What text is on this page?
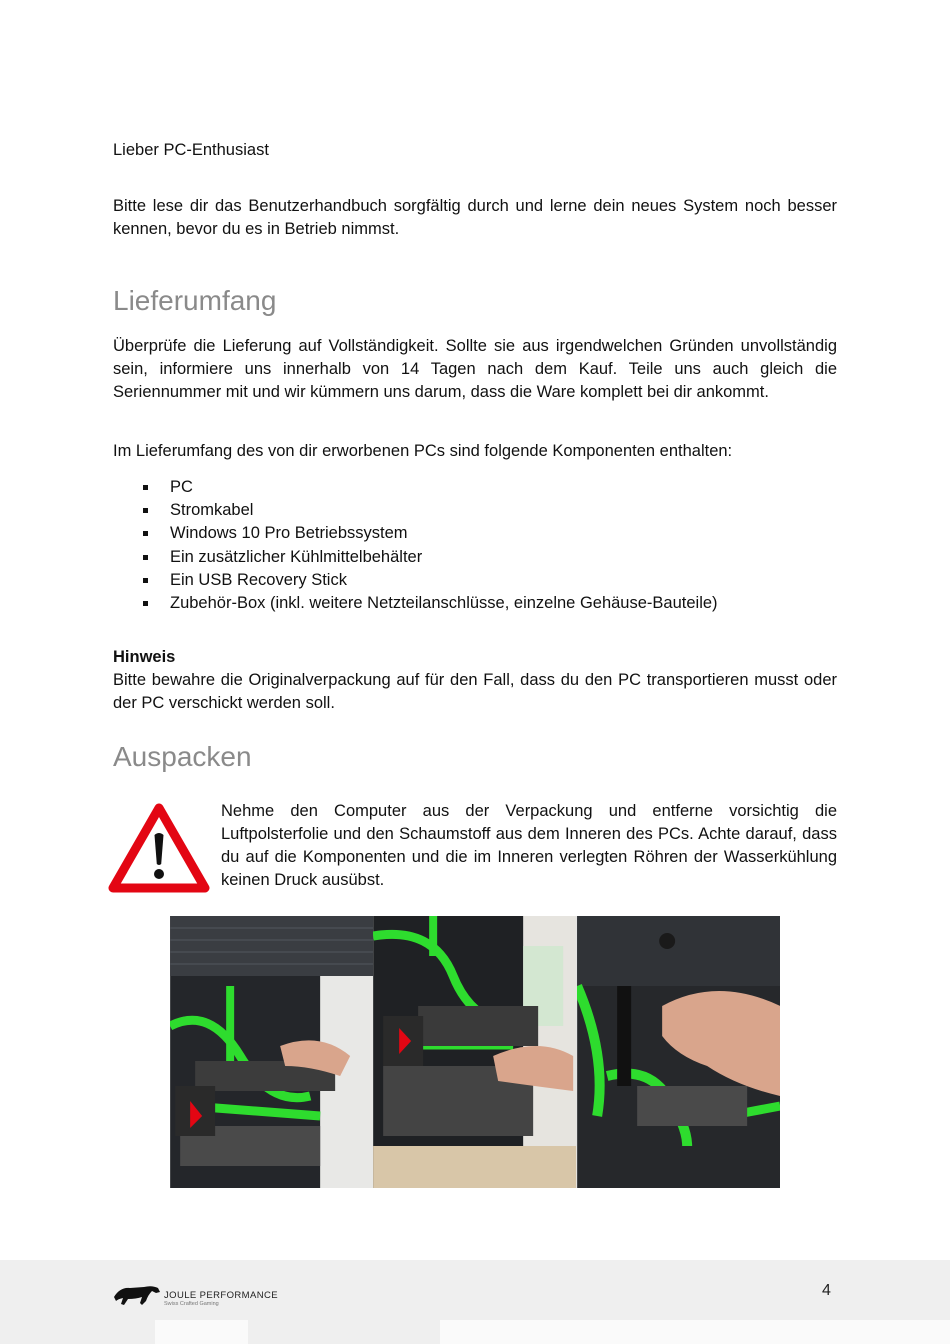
Lieber PC-Enthusiast

Bitte lese dir das Benutzerhandbuch sorgfältig durch und lerne dein neues System noch besser kennen, bevor du es in Betrieb nimmst.

Lieferumfang

Überprüfe die Lieferung auf Vollständigkeit. Sollte sie aus irgendwelchen Gründen unvollständig sein, informiere uns innerhalb von 14 Tagen nach dem Kauf. Teile uns auch gleich die Seriennummer mit und wir kümmern uns darum, dass die Ware komplett bei dir ankommt.

Im Lieferumfang des von dir erworbenen PCs sind folgende Komponenten enthalten:

PC
Stromkabel
Windows 10 Pro Betriebssystem
Ein zusätzlicher Kühlmittelbehälter
Ein USB Recovery Stick
Zubehör-Box (inkl. weitere Netzteilanschlüsse, einzelne Gehäuse-Bauteile)
Hinweis

Bitte bewahre die Originalverpackung auf für den Fall, dass du den PC transportieren musst oder der PC verschickt werden soll.

Auspacken

Nehme den Computer aus der Verpackung und entferne vorsichtig die Luftpolsterfolie und den Schaumstoff aus dem Inneren des PCs. Achte darauf, dass du auf die Komponenten und die im Inneren verlegten Röhren der Wasserkühlung keinen Druck ausübst.

JOULE PERFORMANCE
Swiss Crafted Gaming
4
